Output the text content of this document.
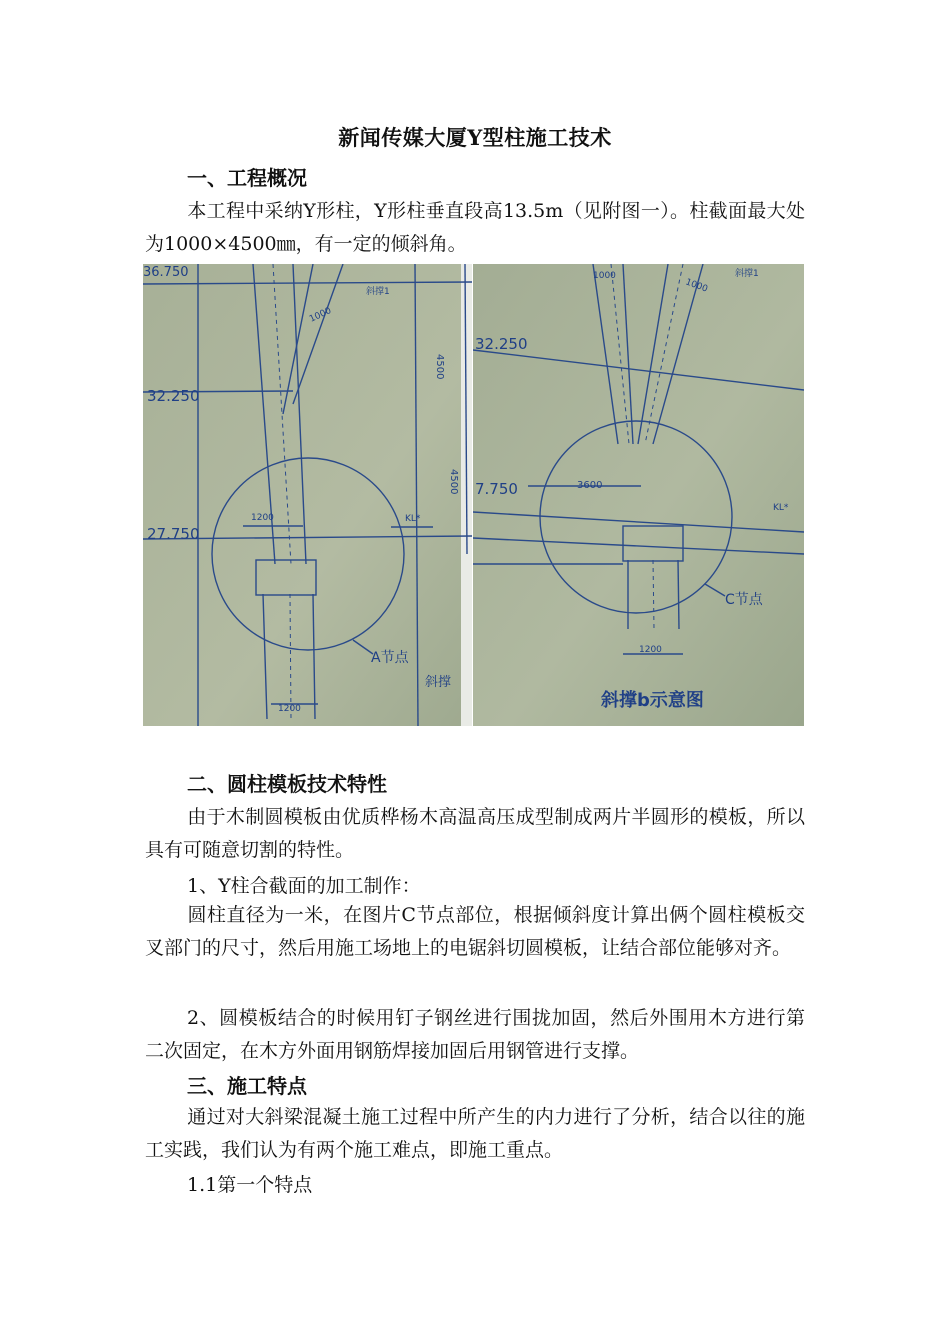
新闻传媒大厦Y型柱施工技术
一、工程概况
本工程中采纳Y形柱，Y形柱垂直段高13.5m（见附图一）。柱截面最大处为1000×4500㎜，有一定的倾斜角。
36.750
32.250
27.750
斜撑1
1000
4500
4500
1200	KL*
A节点
1200
斜撑
32.250
7.750
斜撑1
1000
1000
3600
KL*
C节点
1200
斜撑b示意图
二、圆柱模板技术特性
由于木制圆模板由优质桦杨木高温高压成型制成两片半圆形的模板，所以具有可随意切割的特性。
1、Y柱合截面的加工制作：
圆柱直径为一米，在图片C节点部位，根据倾斜度计算出俩个圆柱模板交叉部门的尺寸，然后用施工场地上的电锯斜切圆模板，让结合部位能够对齐。
2、圆模板结合的时候用钉子钢丝进行围拢加固，然后外围用木方进行第二次固定，在木方外面用钢筋焊接加固后用钢管进行支撑。
三、施工特点
通过对大斜梁混凝土施工过程中所产生的内力进行了分析，结合以往的施工实践，我们认为有两个施工难点，即施工重点。
1.1第一个特点
